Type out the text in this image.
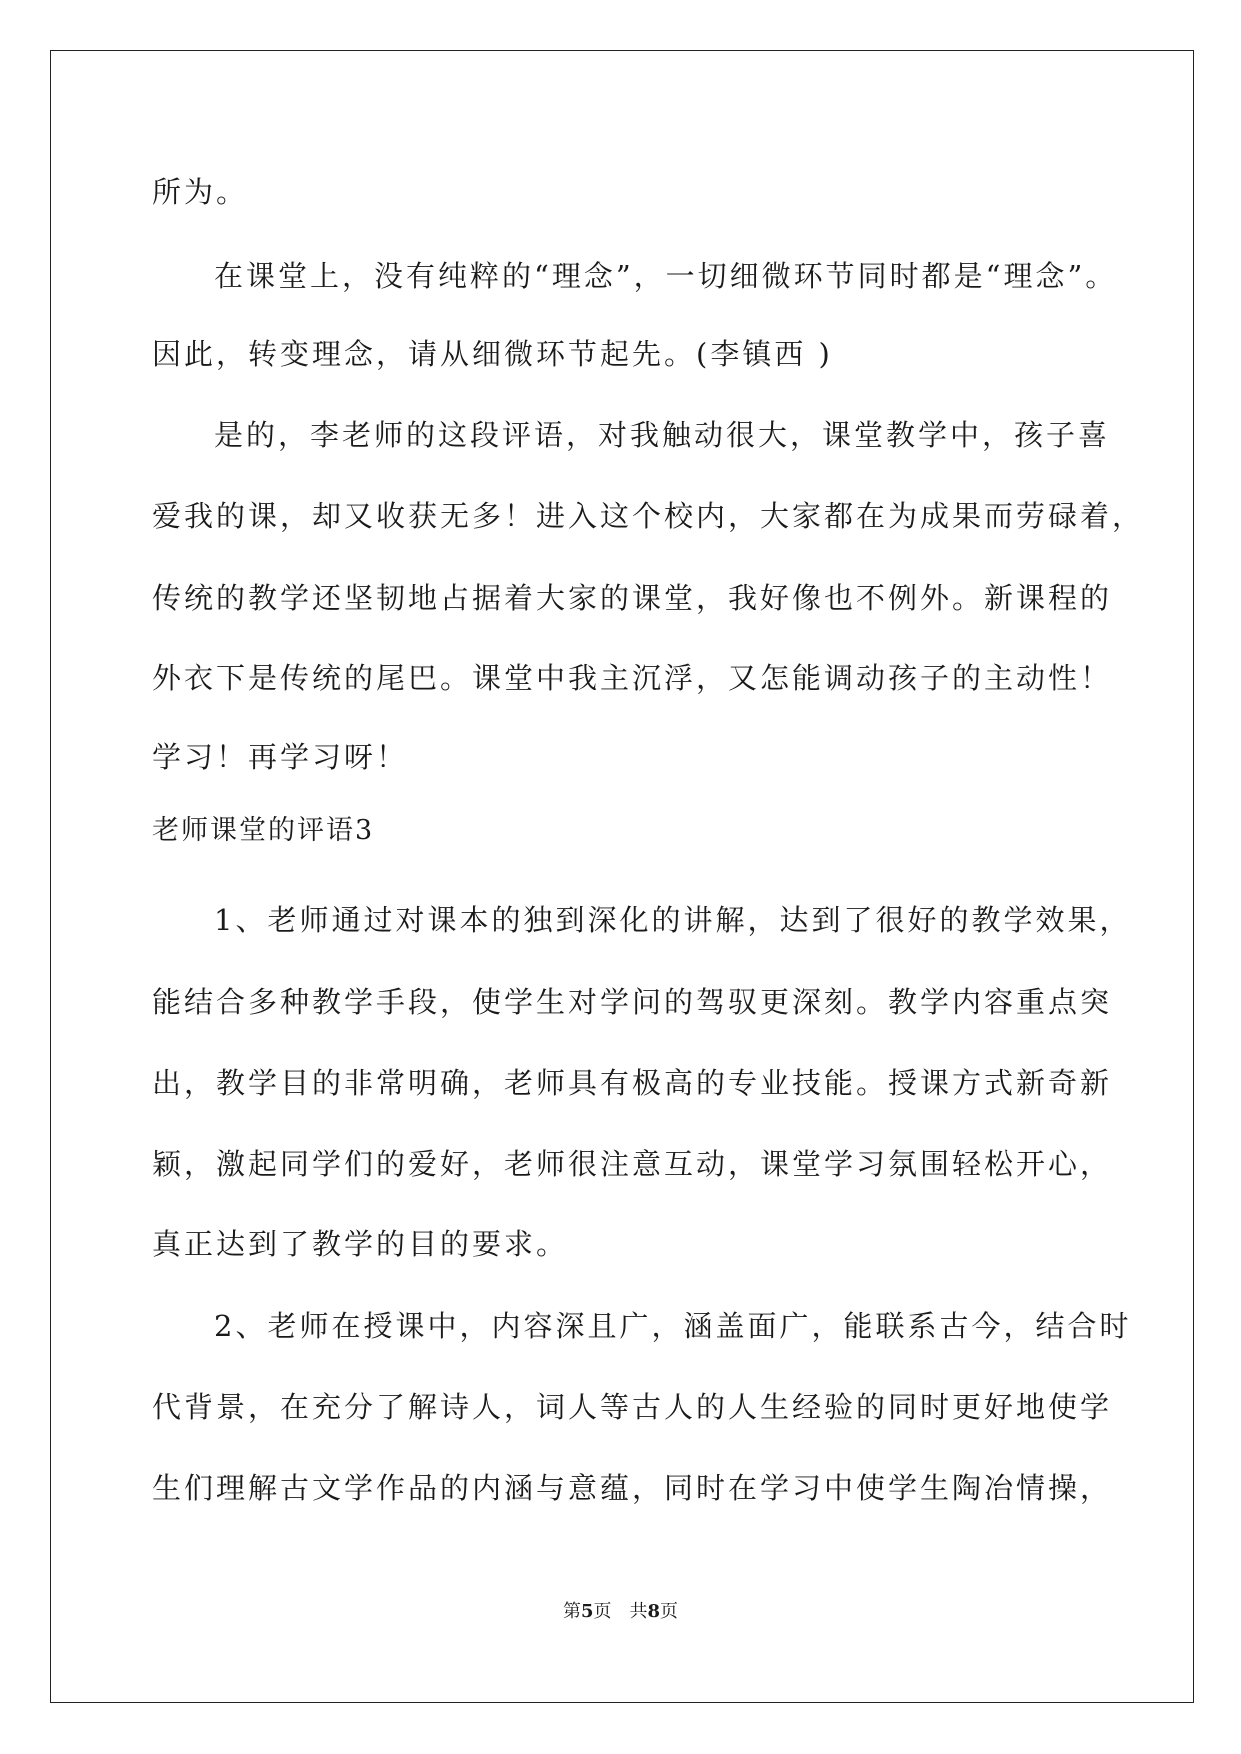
所为。
在课堂上，没有纯粹的“理念”，一切细微环节同时都是“理念”。
因此，转变理念，请从细微环节起先。(李镇西 )
是的，李老师的这段评语，对我触动很大，课堂教学中，孩子喜
爱我的课，却又收获无多！进入这个校内，大家都在为成果而劳碌着，
传统的教学还坚韧地占据着大家的课堂，我好像也不例外。新课程的
外衣下是传统的尾巴。课堂中我主沉浮，又怎能调动孩子的主动性！
学习！再学习呀！
老师课堂的评语3
1、老师通过对课本的独到深化的讲解，达到了很好的教学效果，
能结合多种教学手段，使学生对学问的驾驭更深刻。教学内容重点突
出，教学目的非常明确，老师具有极高的专业技能。授课方式新奇新
颖，激起同学们的爱好，老师很注意互动，课堂学习氛围轻松开心，
真正达到了教学的目的要求。
2、老师在授课中，内容深且广，涵盖面广，能联系古今，结合时
代背景，在充分了解诗人，词人等古人的人生经验的同时更好地使学
生们理解古文学作品的内涵与意蕴，同时在学习中使学生陶冶情操，
第5页　共8页
